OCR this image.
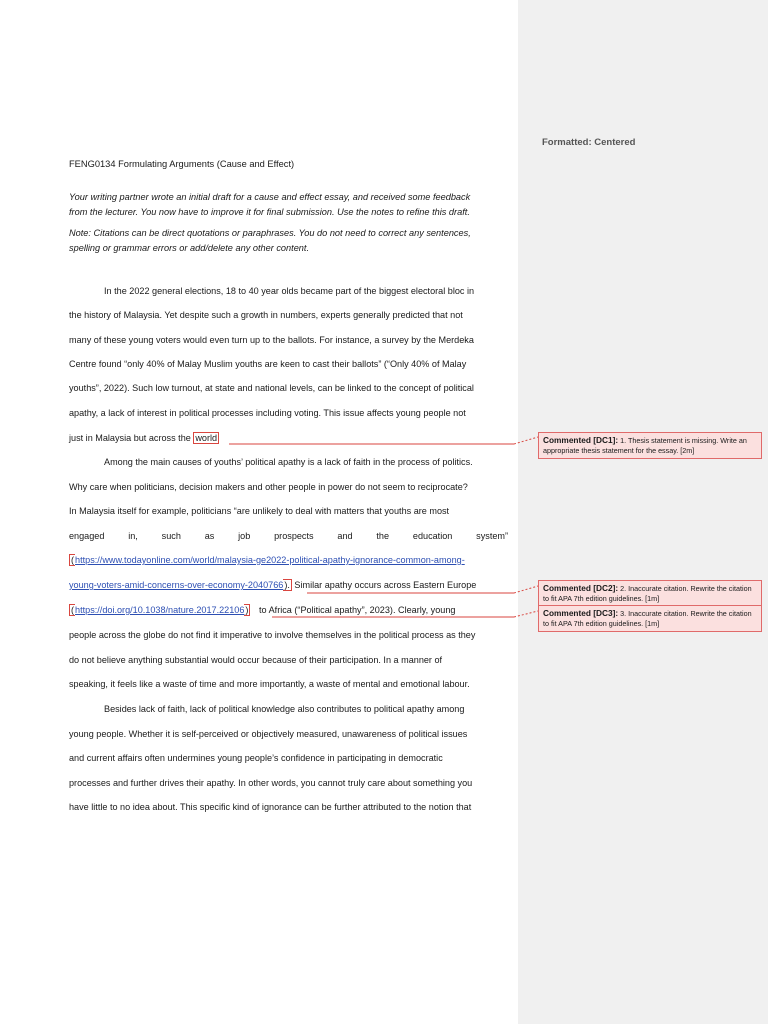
Formatted: Centered
FENG0134 Formulating Arguments (Cause and Effect)
Your writing partner wrote an initial draft for a cause and effect essay, and received some feedback
from the lecturer. You now have to improve it for final submission. Use the notes to refine this draft.
Note: Citations can be direct quotations or paraphrases. You do not need to correct any sentences,
spelling or grammar errors or add/delete any other content.
In the 2022 general elections, 18 to 40 year olds became part of the biggest electoral bloc in
the history of Malaysia. Yet despite such a growth in numbers, experts generally predicted that not
many of these young voters would even turn up to the ballots. For instance, a survey by the Merdeka
Centre found “only 40% of Malay Muslim youths are keen to cast their ballots” (“Only 40% of Malay
youths”, 2022). Such low turnout, at state and national levels, can be linked to the concept of political
apathy, a lack of interest in political processes including voting. This issue affects young people not
just in Malaysia but across the world
Among the main causes of youths’ political apathy is a lack of faith in the process of politics.
Why care when politicians, decision makers and other people in power do not seem to reciprocate?
In Malaysia itself for example, politicians “are unlikely to deal with matters that youths are most
engaged	in,	such	as	job	prospects	and	the	education	system”
(https://www.todayonline.com/world/malaysia-ge2022-political-apathy-ignorance-common-among-
young-voters-amid-concerns-over-economy-2040766). Similar apathy occurs across Eastern Europe
(https://doi.org/10.1038/nature.2017.22106) to Africa (“Political apathy”, 2023). Clearly, young
people across the globe do not find it imperative to involve themselves in the political process as they
do not believe anything substantial would occur because of their participation. In a manner of
speaking, it feels like a waste of time and more importantly, a waste of mental and emotional labour.
Besides lack of faith, lack of political knowledge also contributes to political apathy among
young people. Whether it is self-perceived or objectively measured, unawareness of political issues
and current affairs often undermines young people’s confidence in participating in democratic
processes and further drives their apathy. In other words, you cannot truly care about something you
have little to no idea about. This specific kind of ignorance can be further attributed to the notion that
Commented [DC1]: 1. Thesis statement is missing. Write an appropriate thesis statement for the essay. [2m]
Commented [DC2]: 2. Inaccurate citation. Rewrite the citation to fit APA 7th edition guidelines. [1m]
Commented [DC3]: 3. Inaccurate citation. Rewrite the citation to fit APA 7th edition guidelines. [1m]
